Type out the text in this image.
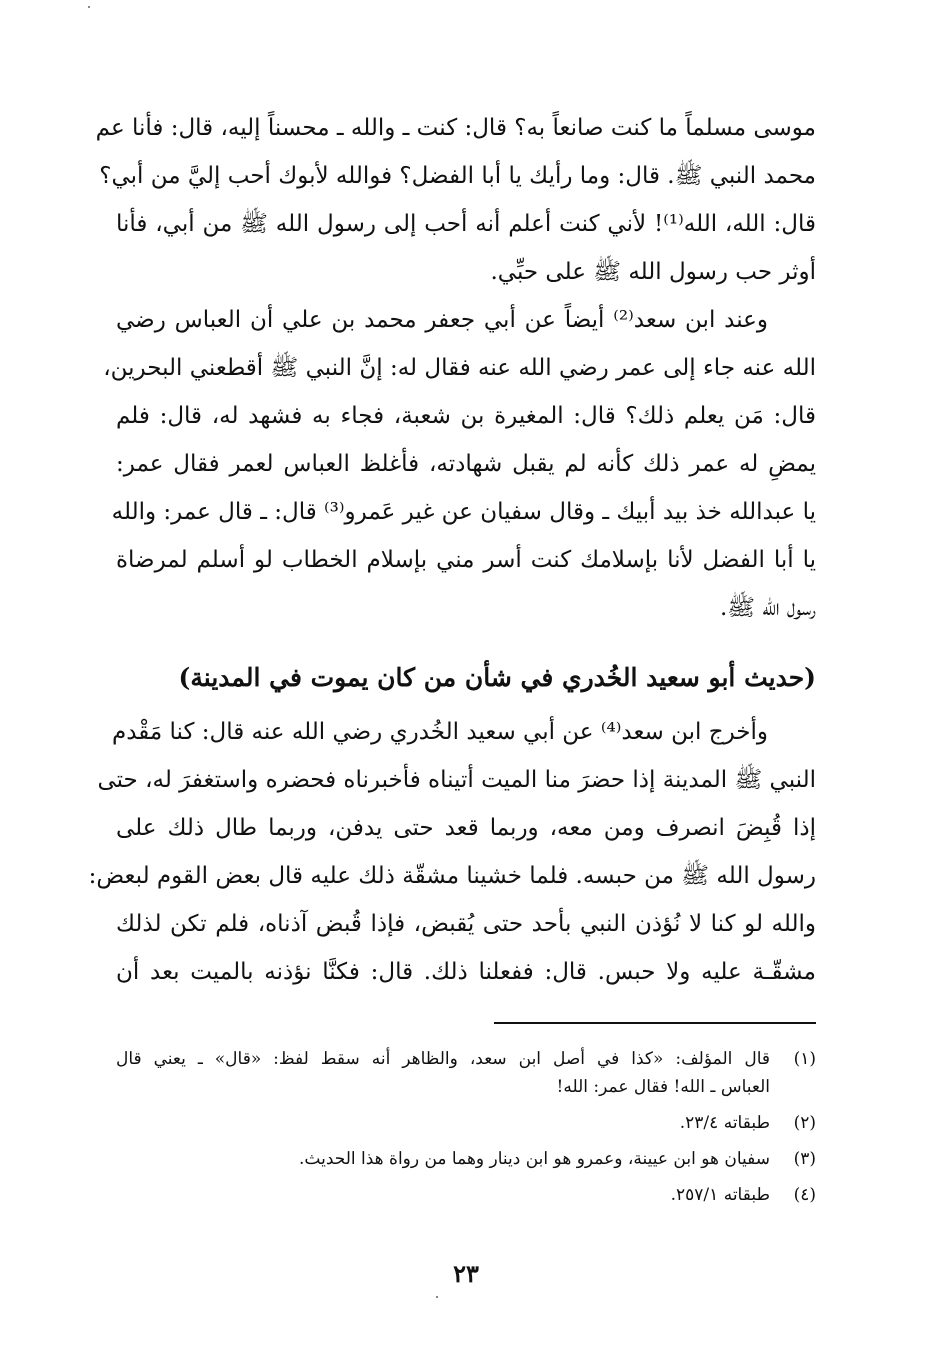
موسى مسلماً ما كنت صانعاً به؟ قال: كنت ـ والله ـ محسناً إليه، قال: فأنا عم
محمد النبي ﷺ. قال: وما رأيك يا أبا الفضل؟ فوالله لأبوك أحب إليَّ من أبي؟
قال: الله، الله⁽¹⁾! لأني كنت أعلم أنه أحب إلى رسول الله ﷺ من أبي، فأنا
أوثر حب رسول الله ﷺ على حبِّي.
وعند ابن سعد⁽²⁾ أيضاً عن أبي جعفر محمد بن علي أن العباس رضي
الله عنه جاء إلى عمر رضي الله عنه فقال له: إنَّ النبي ﷺ أقطعني البحرين،
قال: مَن يعلم ذلك؟ قال: المغيرة بن شعبة، فجاء به فشهد له، قال: فلم
يمضِ له عمر ذلك كأنه لم يقبل شهادته، فأغلظ العباس لعمر فقال عمر:
يا عبدالله خذ بيد أبيك ـ وقال سفيان عن غير عَمرو⁽³⁾ قال: ـ قال عمر: والله
يا أبا الفضل لأنا بإسلامك كنت أسر مني بإسلام الخطاب لو أسلم لمرضاة
رسول الله ﷺ.
(حديث أبو سعيد الخُدري في شأن من كان يموت في المدينة)
وأخرج ابن سعد⁽⁴⁾ عن أبي سعيد الخُدري رضي الله عنه قال: كنا مَقْدم
النبي ﷺ المدينة إذا حضرَ منا الميت أتيناه فأخبرناه فحضره واستغفرَ له، حتى
إذا قُبِضَ انصرف ومن معه، وربما قعد حتى يدفن، وربما طال ذلك على
رسول الله ﷺ من حبسه. فلما خشينا مشقّة ذلك عليه قال بعض القوم لبعض:
والله لو كنا لا نُؤذن النبي بأحد حتى يُقبض، فإذا قُبض آذناه، فلم تكن لذلك
مشقّـة عليه ولا حبس. قال: ففعلنا ذلك. قال: فكنَّا نؤذنه بالميت بعد أن
(١)
قال المؤلف: «كذا في أصل ابن سعد، والظاهر أنه سقط لفظ: «قال» ـ يعني قال
العباس ـ الله! فقال عمر: الله!
(٢)
طبقاته ٢٣/٤.
(٣)
سفيان هو ابن عيينة، وعمرو هو ابن دينار وهما من رواة هذا الحديث.
(٤)
طبقاته ٢٥٧/١.
٢٣
